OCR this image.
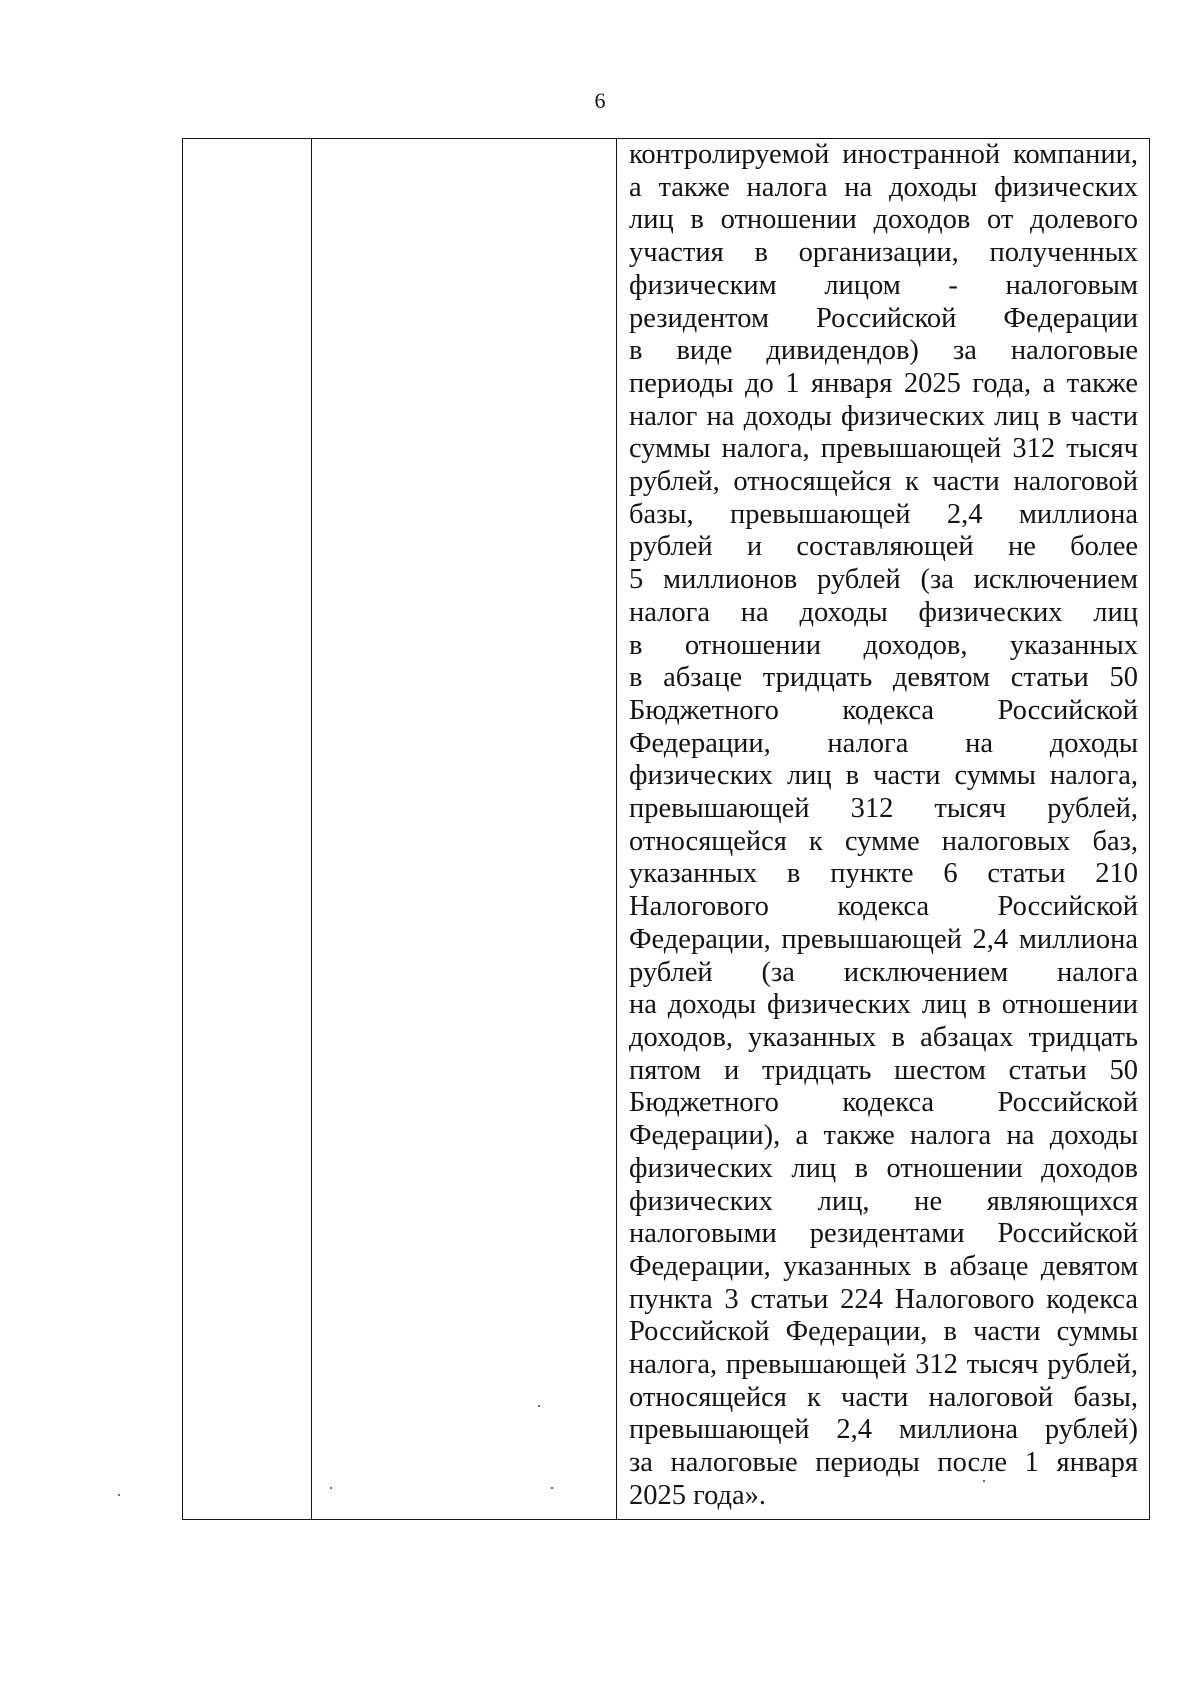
6
контролируемой иностранной компании,
а также налога на доходы физических
лиц в отношении доходов от долевого
участия в организации, полученных
физическим лицом - налоговым
резидентом Российской Федерации
в виде дивидендов) за налоговые
периоды до 1 января 2025 года, а также
налог на доходы физических лиц в части
суммы налога, превышающей 312 тысяч
рублей, относящейся к части налоговой
базы, превышающей 2,4 миллиона
рублей и составляющей не более
5 миллионов рублей (за исключением
налога на доходы физических лиц
в отношении доходов, указанных
в абзаце тридцать девятом статьи 50
Бюджетного кодекса Российской
Федерации, налога на доходы
физических лиц в части суммы налога,
превышающей 312 тысяч рублей,
относящейся к сумме налоговых баз,
указанных в пункте 6 статьи 210
Налогового кодекса Российской
Федерации, превышающей 2,4 миллиона
рублей (за исключением налога
на доходы физических лиц в отношении
доходов, указанных в абзацах тридцать
пятом и тридцать шестом статьи 50
Бюджетного кодекса Российской
Федерации), а также налога на доходы
физических лиц в отношении доходов
физических лиц, не являющихся
налоговыми резидентами Российской
Федерации, указанных в абзаце девятом
пункта 3 статьи 224 Налогового кодекса
Российской Федерации, в части суммы
налога, превышающей 312 тысяч рублей,
относящейся к части налоговой базы,
превышающей 2,4 миллиона рублей)
за налоговые периоды после 1 января
2025 года».
